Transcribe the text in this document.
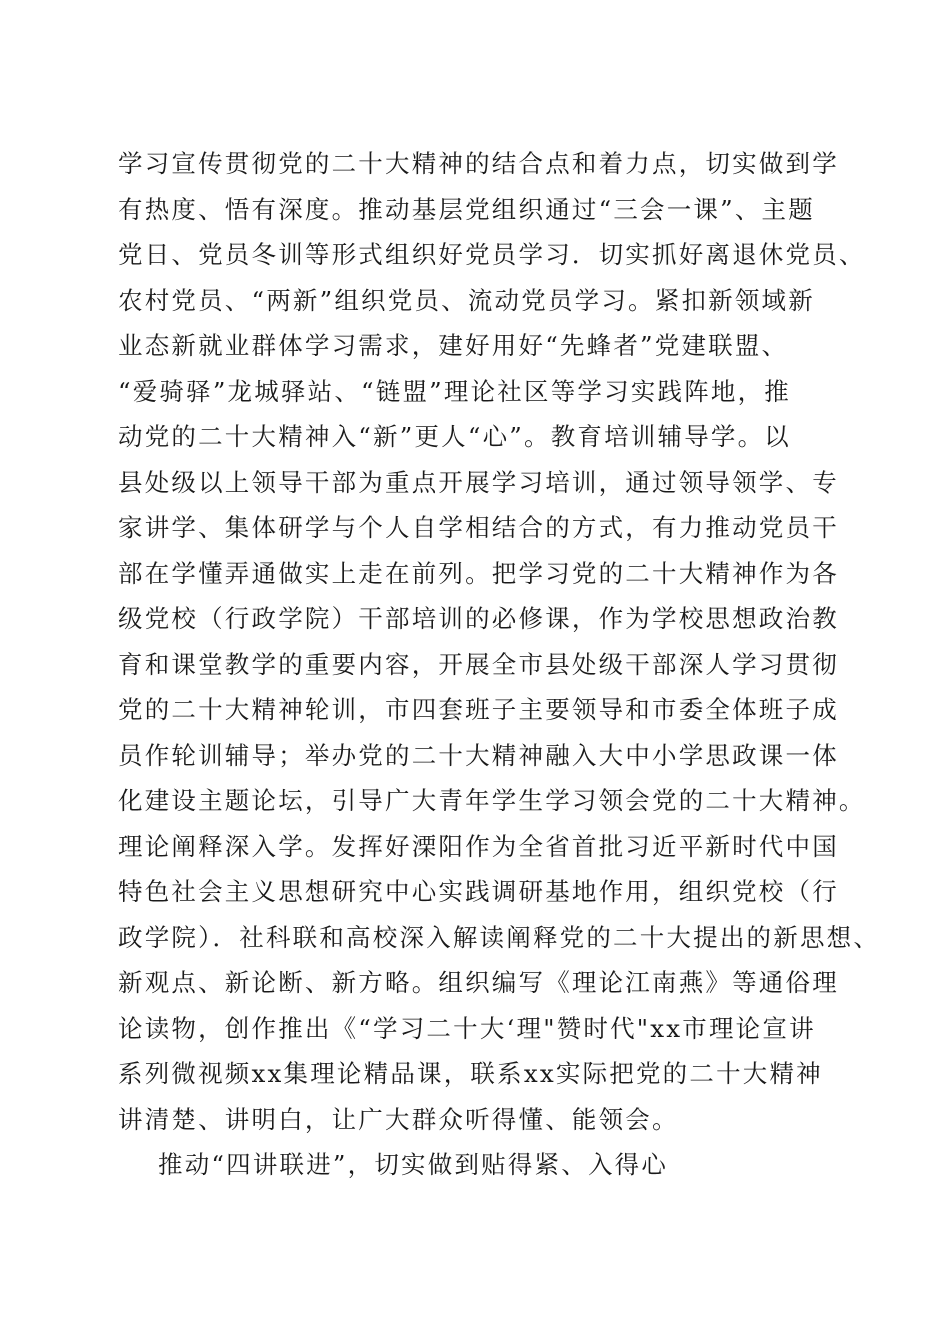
学习宣传贯彻党的二十大精神的结合点和着力点，切实做到学
有热度、悟有深度。推动基层党组织通过“三会一课”、主题
党日、党员冬训等形式组织好党员学习．切实抓好离退休党员、
农村党员、“两新”组织党员、流动党员学习。紧扣新领域新
业态新就业群体学习需求，建好用好“先蜂者”党建联盟、
“爱骑驿”龙城驿站、“链盟”理论社区等学习实践阵地，推
动党的二十大精神入“新”更人“心”。教育培训辅导学。以
县处级以上领导干部为重点开展学习培训，通过领导领学、专
家讲学、集体研学与个人自学相结合的方式，有力推动党员干
部在学懂弄通做实上走在前列。把学习党的二十大精神作为各
级党校（行政学院）干部培训的必修课，作为学校思想政治教
育和课堂教学的重要内容，开展全市县处级干部深人学习贯彻
党的二十大精神轮训，市四套班子主要领导和市委全体班子成
员作轮训辅导；举办党的二十大精神融入大中小学思政课一体
化建设主题论坛，引导广大青年学生学习领会党的二十大精神。
理论阐释深入学。发挥好溧阳作为全省首批习近平新时代中国
特色社会主义思想研究中心实践调研基地作用，组织党校（行
政学院）．社科联和高校深入解读阐释党的二十大提出的新思想、
新观点、新论断、新方略。组织编写《理论江南燕》等通俗理
论读物，创作推出《“学习二十大‘理"赞时代"xx市理论宣讲
系列微视频xx集理论精品课，联系xx实际把党的二十大精神
讲清楚、讲明白，让广大群众听得懂、能领会。
推动“四讲联进”，切实做到贴得紧、入得心
